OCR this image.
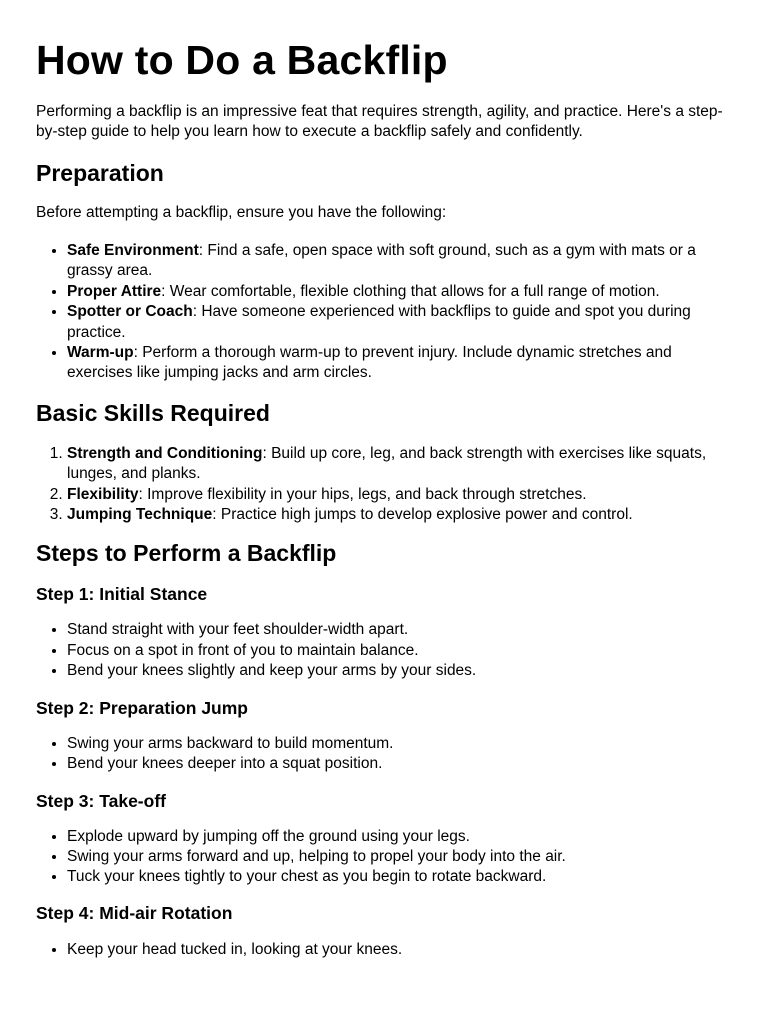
How to Do a Backflip

Performing a backflip is an impressive feat that requires strength, agility, and practice. Here's a step-by-step guide to help you learn how to execute a backflip safely and confidently.

Preparation

Before attempting a backflip, ensure you have the following:

• Safe Environment: Find a safe, open space with soft ground, such as a gym with mats or a grassy area.
• Proper Attire: Wear comfortable, flexible clothing that allows for a full range of motion.
• Spotter or Coach: Have someone experienced with backflips to guide and spot you during practice.
• Warm-up: Perform a thorough warm-up to prevent injury. Include dynamic stretches and exercises like jumping jacks and arm circles.
Basic Skills Required
1. Strength and Conditioning: Build up core, leg, and back strength with exercises like squats, lunges, and planks.
2. Flexibility: Improve flexibility in your hips, legs, and back through stretches.
3. Jumping Technique: Practice high jumps to develop explosive power and control.
Steps to Perform a Backflip
Step 1: Initial Stance
• Stand straight with your feet shoulder-width apart.
• Focus on a spot in front of you to maintain balance.
• Bend your knees slightly and keep your arms by your sides.
Step 2: Preparation Jump
• Swing your arms backward to build momentum.
• Bend your knees deeper into a squat position.
Step 3: Take-off
• Explode upward by jumping off the ground using your legs.
• Swing your arms forward and up, helping to propel your body into the air.
• Tuck your knees tightly to your chest as you begin to rotate backward.
Step 4: Mid-air Rotation
• Keep your head tucked in, looking at your knees.
